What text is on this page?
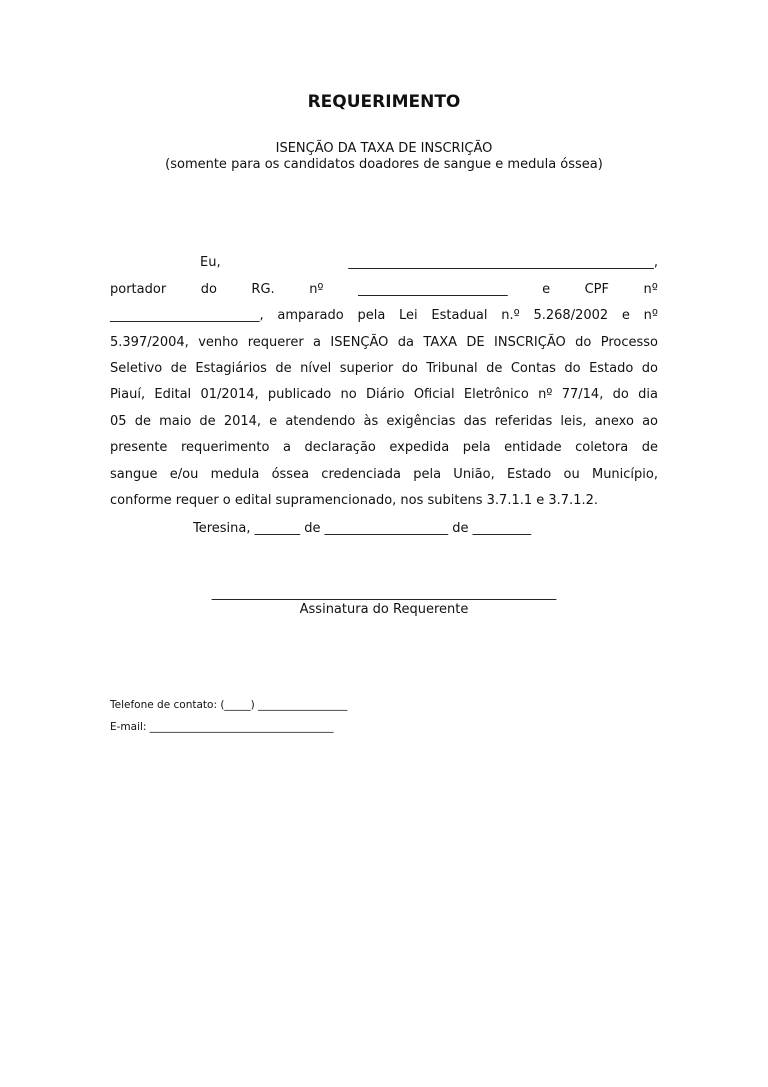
REQUERIMENTO
ISENÇÃO DA TAXA DE INSCRIÇÃO
(somente para os candidatos doadores de sangue e medula óssea)
Eu,	_______________________________________________,
portador	do	RG.	nº	_______________________	e	CPF	nº
_______________________, amparado pela Lei Estadual n.º 5.268/2002 e nº
5.397/2004, venho requerer a ISENÇÃO da TAXA DE INSCRIÇÃO do Processo
Seletivo de Estagiários de nível superior do Tribunal de Contas do Estado do
Piauí, Edital 01/2014, publicado no Diário Oficial Eletrônico nº 77/14, do dia
05 de maio de 2014, e atendendo às exigências das referidas leis, anexo ao
presente requerimento a declaração expedida pela entidade coletora de
sangue e/ou medula óssea credenciada pela União, Estado ou Município,
conforme requer o edital supramencionado, nos subitens 3.7.1.1 e 3.7.1.2.
Teresina, _______ de ___________________ de _________
_____________________________________________________
Assinatura do Requerente
Telefone de contato: (_____) _________________
E-mail: ___________________________________
